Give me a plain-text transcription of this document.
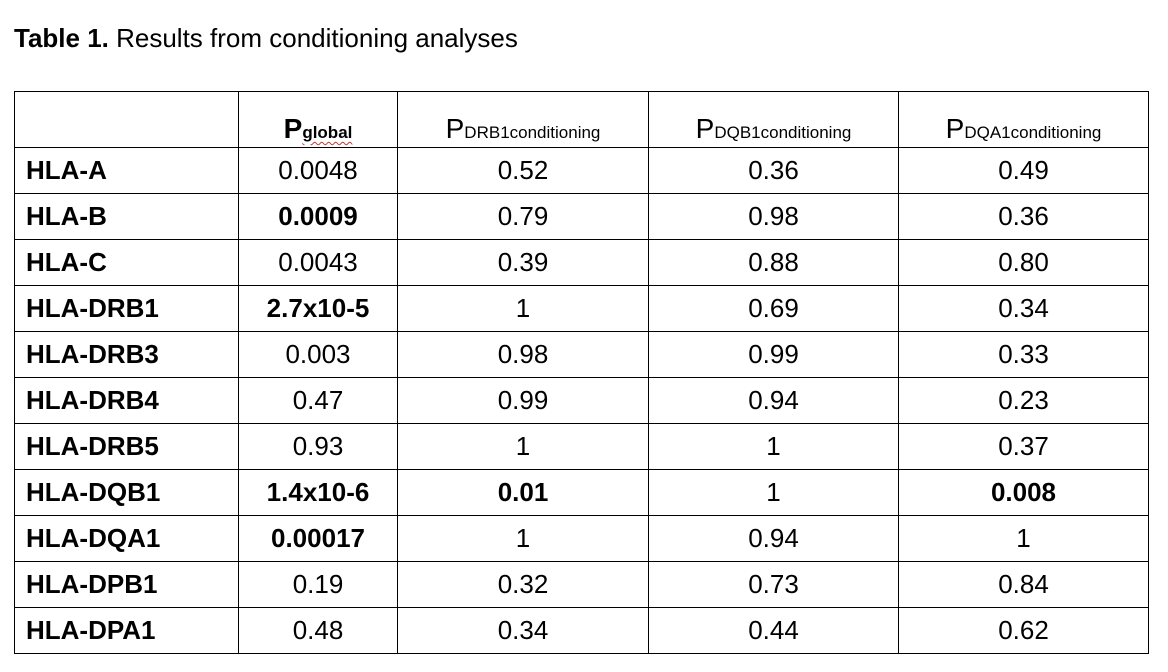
Table 1. Results from conditioning analyses
	Pglobal	PDRB1conditioning	PDQB1conditioning	PDQA1conditioning
HLA-A	0.0048	0.52	0.36	0.49
HLA-B	0.0009	0.79	0.98	0.36
HLA-C	0.0043	0.39	0.88	0.80
HLA-DRB1	2.7x10-5	1	0.69	0.34
HLA-DRB3	0.003	0.98	0.99	0.33
HLA-DRB4	0.47	0.99	0.94	0.23
HLA-DRB5	0.93	1	1	0.37
HLA-DQB1	1.4x10-6	0.01	1	0.008
HLA-DQA1	0.00017	1	0.94	1
HLA-DPB1	0.19	0.32	0.73	0.84
HLA-DPA1	0.48	0.34	0.44	0.62
